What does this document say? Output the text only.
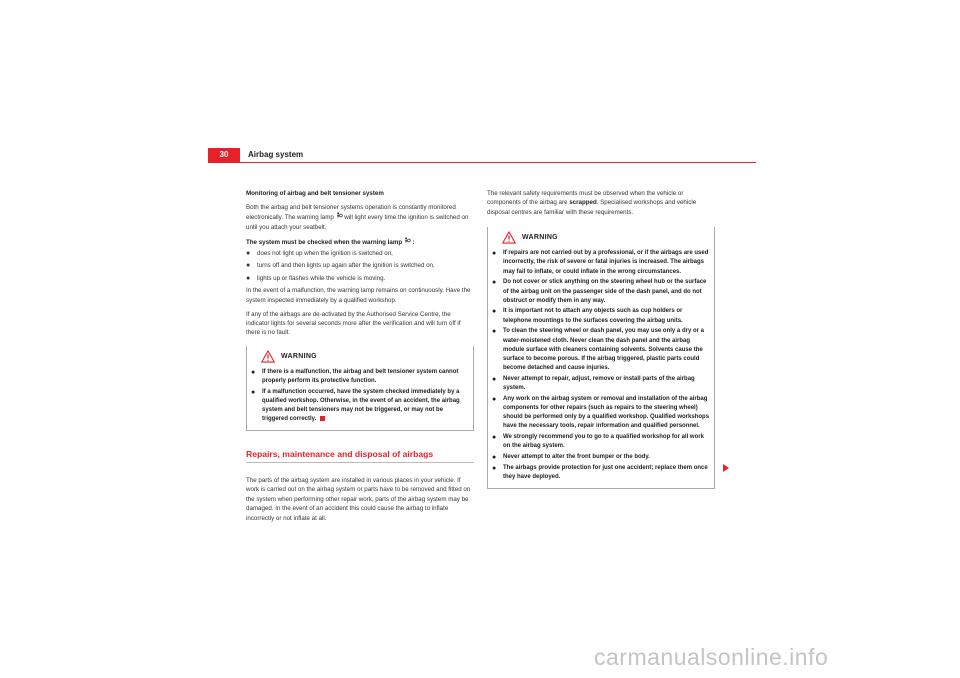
30	Airbag system

Monitoring of airbag and belt tensioner system

Both the airbag and belt tensioner systems operation is constantly monitored electronically. The warning lamp  will light every time the ignition is switched on until you attach your seatbelt.

The system must be checked when the warning lamp  :

●	does not light up when the ignition is switched on,
●	turns off and then lights up again after the ignition is switched on,
●	lights up or flashes while the vehicle is moving.

In the event of a malfunction, the warning lamp remains on continuously. Have the system inspected immediately by a qualified workshop.

If any of the airbags are de-activated by the Authorised Service Centre, the indicator lights for several seconds more after the verification and will turn off if there is no fault.

WARNING
●	If there is a malfunction, the airbag and belt tensioner system cannot properly perform its protective function.
●	If a malfunction occurred, have the system checked immediately by a qualified workshop. Otherwise, in the event of an accident, the airbag system and belt tensioners may not be triggered, or may not be triggered correctly.
Repairs, maintenance and disposal of airbags

The parts of the airbag system are installed in various places in your vehicle. If work is carried out on the airbag system or parts have to be removed and fitted on the system when performing other repair work, parts of the airbag system may be damaged. In the event of an accident this could cause the airbag to inflate incorrectly or not inflate at all.

The relevant safety requirements must be observed when the vehicle or components of the airbag are scrapped. Specialised workshops and vehicle disposal centres are familiar with these requirements.

WARNING
●	If repairs are not carried out by a professional, or if the airbags are used incorrectly, the risk of severe or fatal injuries is increased. The airbags may fail to inflate, or could inflate in the wrong circumstances.
●	Do not cover or stick anything on the steering wheel hub or the surface of the airbag unit on the passenger side of the dash panel, and do not obstruct or modify them in any way.
●	It is important not to attach any objects such as cup holders or telephone mountings to the surfaces covering the airbag units.
●	To clean the steering wheel or dash panel, you may use only a dry or a water-moistened cloth. Never clean the dash panel and the airbag module surface with cleaners containing solvents. Solvents cause the surface to become porous. If the airbag triggered, plastic parts could become detached and cause injuries.
●	Never attempt to repair, adjust, remove or install parts of the airbag system.
●	Any work on the airbag system or removal and installation of the airbag components for other repairs (such as repairs to the steering wheel) should be performed only by a qualified workshop. Qualified workshops have the necessary tools, repair information and qualified personnel.
●	We strongly recommend you to go to a qualified workshop for all work on the airbag system.
●	Never attempt to alter the front bumper or the body.
●	The airbags provide protection for just one accident; replace them once they have deployed.
carmanualsonline.info
